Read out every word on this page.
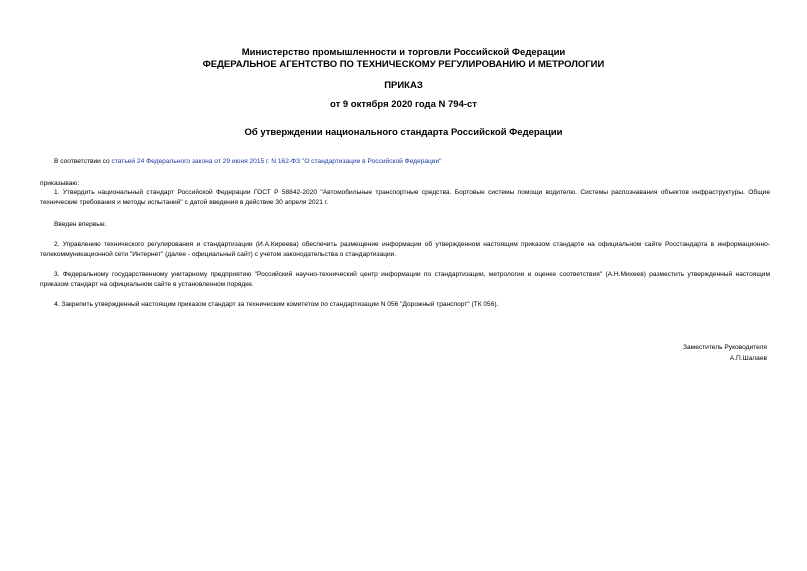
Министерство промышленности и торговли Российской Федерации
ФЕДЕРАЛЬНОЕ АГЕНТСТВО ПО ТЕХНИЧЕСКОМУ РЕГУЛИРОВАНИЮ И МЕТРОЛОГИИ
ПРИКАЗ
от 9 октября 2020 года N 794-ст
Об утверждении национального стандарта Российской Федерации
В соответствии со статьей 24 Федерального закона от 29 июня 2015 г. N 162-ФЗ "О стандартизации в Российской Федерации"
приказываю:
1. Утвердить национальный стандарт Российской Федерации ГОСТ Р 58842-2020 "Автомобильные транспортные средства. Бортовые системы помощи водителю. Системы распознавания объектов инфраструктуры. Общие технические требования и методы испытаний" с датой введения в действие 30 апреля 2021 г.
Введен впервые.
2. Управлению технического регулирования и стандартизации (И.А.Киреева) обеспечить размещение информации об утвержденном настоящим приказом стандарте на официальном сайте Росстандарта в информационно-телекоммуникационной сети "Интернет" (далее - официальный сайт) с учетом законодательства о стандартизации.
3. Федеральному государственному унитарному предприятию "Российский научно-технический центр информации по стандартизации, метрологии и оценке соответствия" (А.Н.Михеев) разместить утвержденный настоящим приказом стандарт на официальном сайте в установленном порядке.
4. Закрепить утвержденный настоящим приказом стандарт за техническим комитетом по стандартизации N 056 "Дорожный транспорт" (ТК 056).
Заместитель Руководителя
А.П.Шалаев
